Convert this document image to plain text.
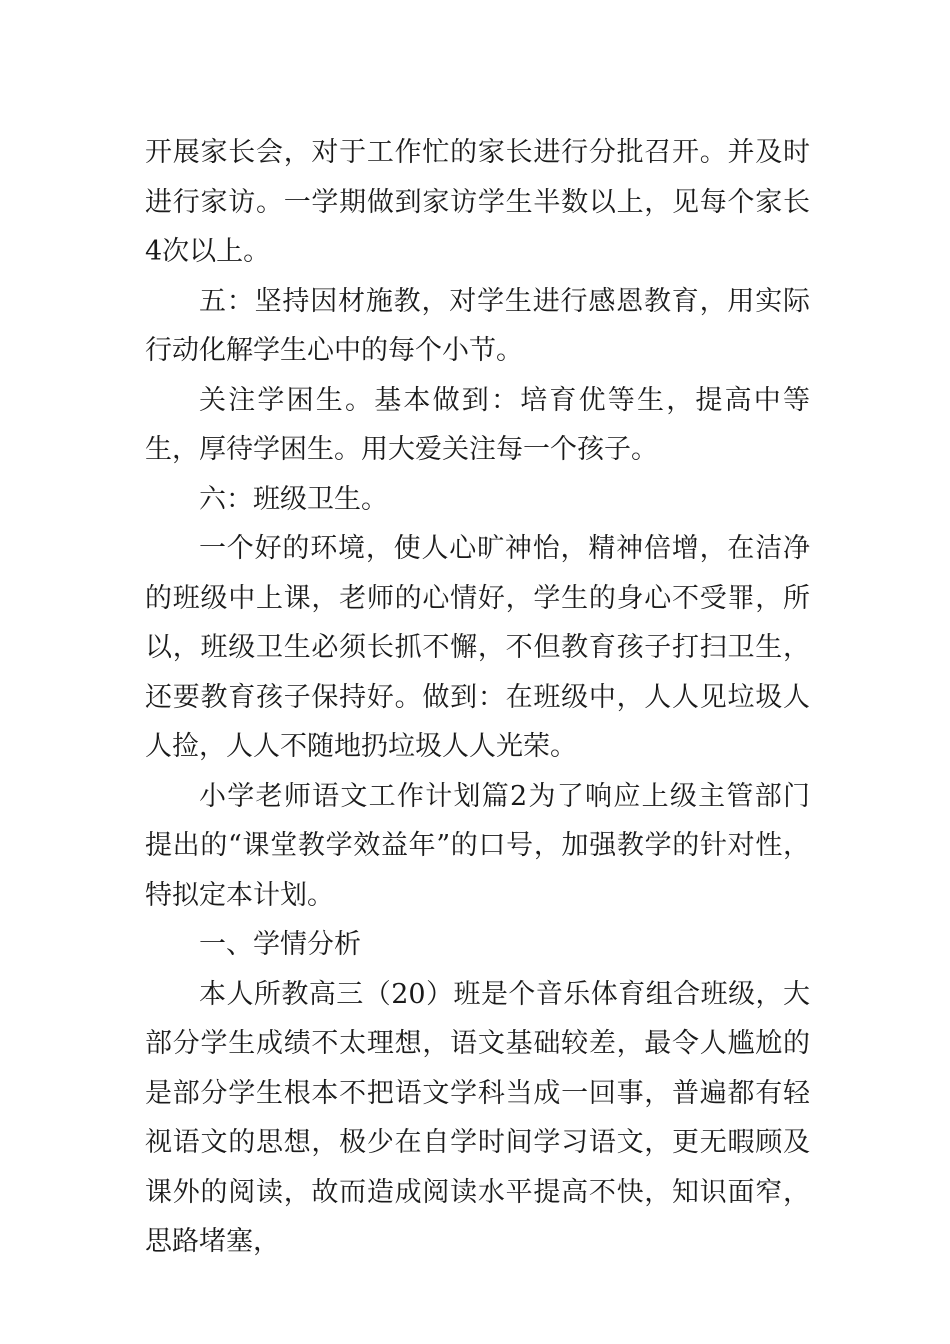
开展家长会，对于工作忙的家长进行分批召开。并及时进行家访。一学期做到家访学生半数以上，见每个家长4次以上。

五：坚持因材施教，对学生进行感恩教育，用实际行动化解学生心中的每个小节。

关注学困生。基本做到：培育优等生，提高中等生，厚待学困生。用大爱关注每一个孩子。

六：班级卫生。

一个好的环境，使人心旷神怡，精神倍增，在洁净的班级中上课，老师的心情好，学生的身心不受罪，所以，班级卫生必须长抓不懈，不但教育孩子打扫卫生，还要教育孩子保持好。做到：在班级中，人人见垃圾人人捡，人人不随地扔垃圾人人光荣。

小学老师语文工作计划篇2为了响应上级主管部门提出的“课堂教学效益年”的口号，加强教学的针对性，特拟定本计划。

一、学情分析

本人所教高三（20）班是个音乐体育组合班级，大部分学生成绩不太理想，语文基础较差，最令人尴尬的是部分学生根本不把语文学科当成一回事，普遍都有轻视语文的思想，极少在自学时间学习语文，更无暇顾及课外的阅读，故而造成阅读水平提高不快，知识面窄，思路堵塞，
